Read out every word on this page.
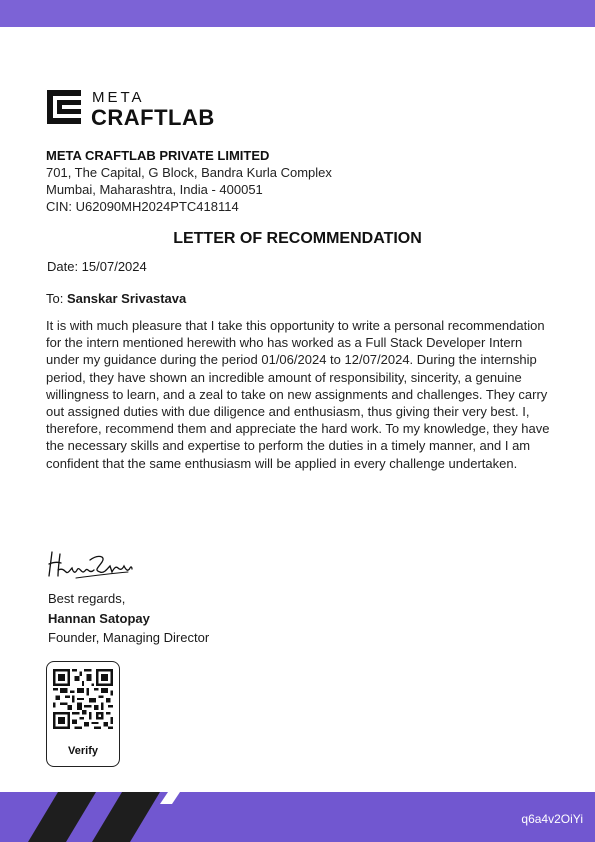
META
CRAFTLAB
META CRAFTLAB PRIVATE LIMITED
701, The Capital, G Block, Bandra Kurla Complex
Mumbai, Maharashtra, India - 400051
CIN: U62090MH2024PTC418114
LETTER OF RECOMMENDATION
Date: 15/07/2024
To: Sanskar Srivastava
It is with much pleasure that I take this opportunity to write a personal recommendation for the intern mentioned herewith who has worked as a Full Stack Developer Intern under my guidance during the period 01/06/2024 to 12/07/2024. During the internship period, they have shown an incredible amount of responsibility, sincerity, a genuine willingness to learn, and a zeal to take on new assignments and challenges. They carry out assigned duties with due diligence and enthusiasm, thus giving their very best. I, therefore, recommend them and appreciate the hard work. To my knowledge, they have the necessary skills and expertise to perform the duties in a timely manner, and I am confident that the same enthusiasm will be applied in every challenge undertaken.
Best regards,
Hannan Satopay
Founder, Managing Director
Verify
q6a4v2OiYi
